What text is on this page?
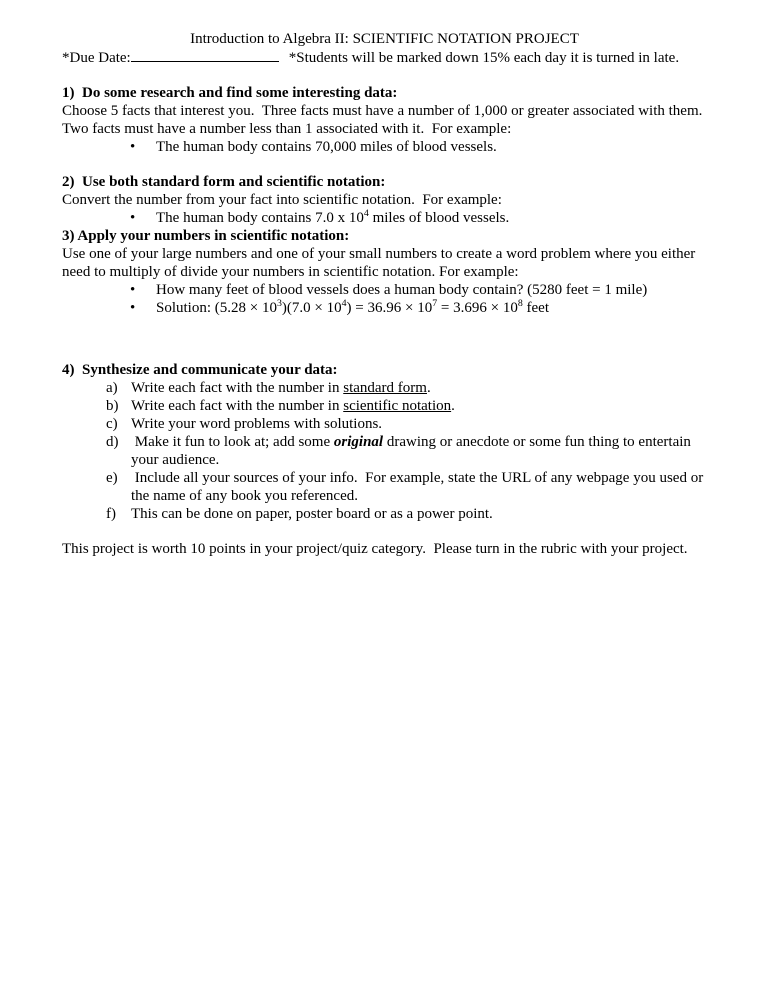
Introduction to Algebra II: SCIENTIFIC NOTATION PROJECT
*Due Date:	*Students will be marked down 15% each day it is turned in late.
1)  Do some research and find some interesting data:
Choose 5 facts that interest you.  Three facts must have a number of 1,000 or greater associated with them.  Two facts must have a number less than 1 associated with it.  For example:
•	The human body contains 70,000 miles of blood vessels.
2)  Use both standard form and scientific notation:
Convert the number from your fact into scientific notation.  For example:
•	The human body contains 7.0 x $10^4$ miles of blood vessels.
3) Apply your numbers in scientific notation:
Use one of your large numbers and one of your small numbers to create a word problem where you either need to multiply of divide your numbers in scientific notation. For example:
•	How many feet of blood vessels does a human body contain? (5280 feet = 1 mile)
•	Solution: $(5.28 \times 10^3)(7.0 \times 10^4) = 36.96 \times 10^7 = 3.696 \times 10^8$ feet
4)  Synthesize and communicate your data:
a) Write each fact with the number in standard form.
b) Write each fact with the number in scientific notation.
c) Write your word problems with solutions.
d) Make it fun to look at; add some original drawing or anecdote or some fun thing to entertain your audience.
e) Include all your sources of your info.  For example, state the URL of any webpage you used or the name of any book you referenced.
f)	This can be done on paper, poster board or as a power point.
This project is worth 10 points in your project/quiz category.  Please turn in the rubric with your project.
